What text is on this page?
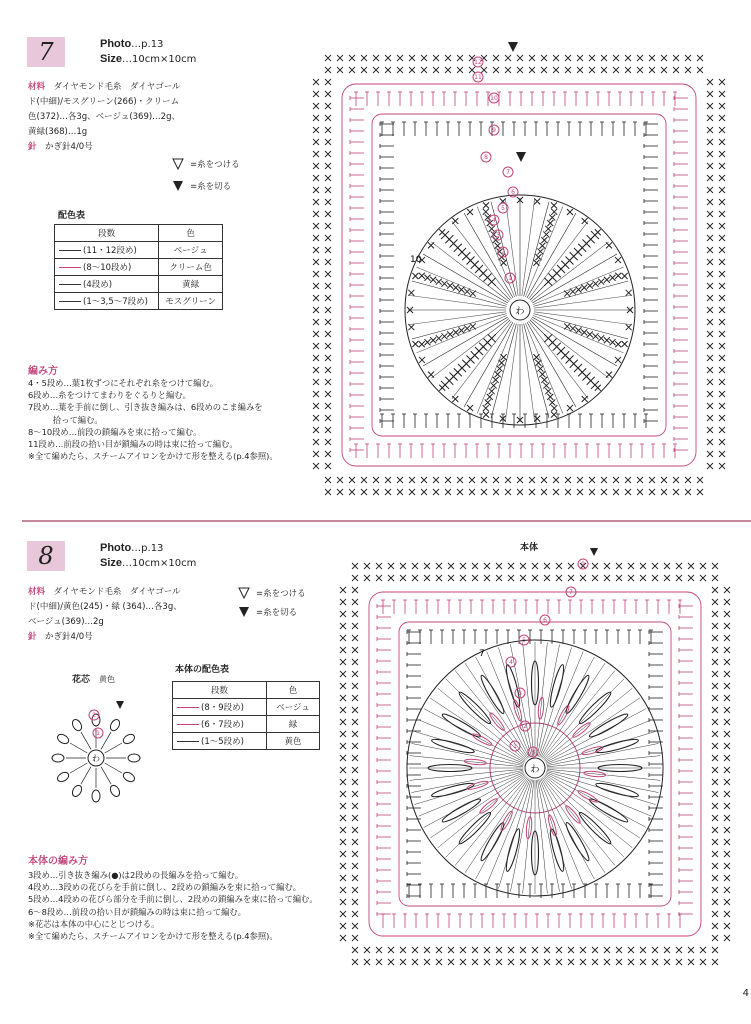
7	Photo…p.13
Size…10cm×10cm
材料　 ダイヤモンド毛糸　ダイヤゴール
ド(中細)/モスグリーン(266)・クリーム
色(372)…各3g、ベージュ(369)…2g、
黄緑(368)…1g
針　 かぎ針4/0号
=糸をつける
=糸を切る
配色表
段数	色
(11・12段め)	ベージュ
(8〜10段め)	クリーム色
(4段め)	黄緑
(1〜3,5〜7段め)	モスグリーン
編み方
4・5段め…葉1枚ずつにそれぞれ糸をつけて編む。
6段め…糸をつけてまわりをぐるりと編む。
7段め…葉を手前に倒し、引き抜き編みは、6段めのこま編みを
　　　拾って編む。
8〜10段め…前段の鎖編みを束に拾って編む。
11段め…前段の拾い目が鎖編みの時は束に拾って編む。
※全て編めたら、スチームアイロンをかけて形を整える(p.4参照)。
わ
10
12
11
10
9
8
7
6
5
4
3
2
1
8	Photo…p.13
Size…10cm×10cm
材料　 ダイヤモンド毛糸　ダイヤゴール
ド(中細)/黄色(245)・緑 (364)…各3g、
ベージュ(369)…2g
針　 かぎ針4/0号
=糸をつける
=糸を切る
花芯　 黄色
わ
2
1
本体の配色表
段数	色
(8・9段め)	ベージュ
(6・7段め)	緑
(1〜5段め)	黄色
本体の編み方
3段め…引き抜き編み(●)は2段めの長編みを拾って編む。
4段め…3段めの花びらを手前に倒し、2段めの鎖編みを束に拾って編む。
5段め…4段めの花びら部分を手前に倒し、2段めの鎖編みを束に拾って編む。
6〜8段め…前段の拾い目が鎖編みの時は束に拾って編む。
※花芯は本体の中心にとじつける。
※全て編めたら、スチームアイロンをかけて形を整える(p.4参照)。
本体
わ
7
9
7
6
5
4
3
2
1
8
4
